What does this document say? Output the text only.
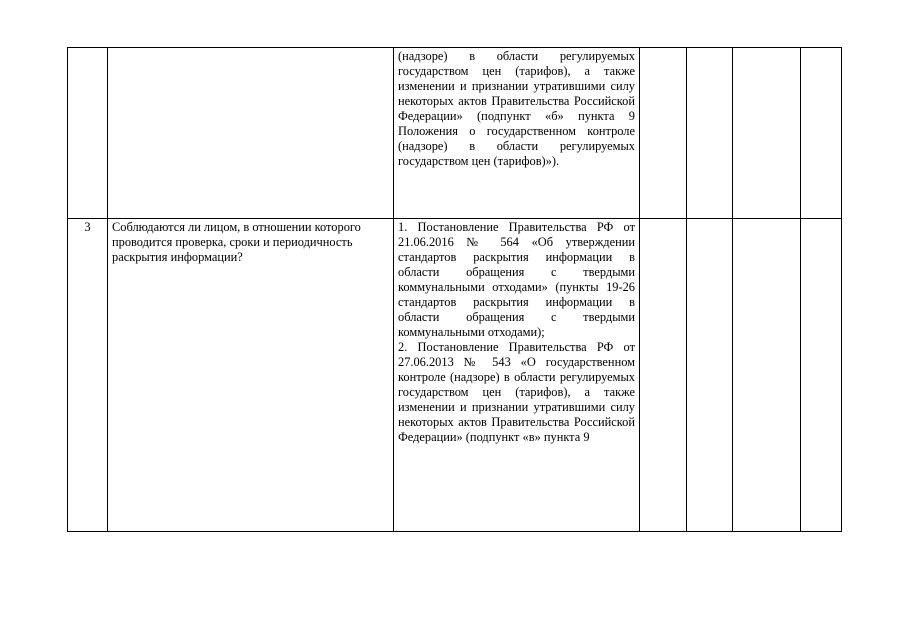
		(надзоре) в области регулируемых государством цен (тарифов), а также изменении и признании утратившими силу некоторых актов Правительства Российской Федерации» (подпункт «б» пункта 9 Положения о государственном контроле (надзоре) в области регулируемых государством цен (тарифов)»).				

3	Соблюдаются ли лицом, в отношении которого проводится проверка, сроки и периодичность раскрытия информации?	1. Постановление Правительства РФ от 21.06.2016 № 564 «Об утверждении стандартов раскрытия информации в области обращения с твердыми коммунальными отходами» (пункты 19-26 стандартов раскрытия информации в области обращения с твердыми коммунальными отходами);
2. Постановление Правительства РФ от 27.06.2013 № 543 «О государственном контроле (надзоре) в области регулируемых государством цен (тарифов), а также изменении и признании утратившими силу некоторых актов Правительства Российской Федерации» (подпункт «в» пункта 9				
